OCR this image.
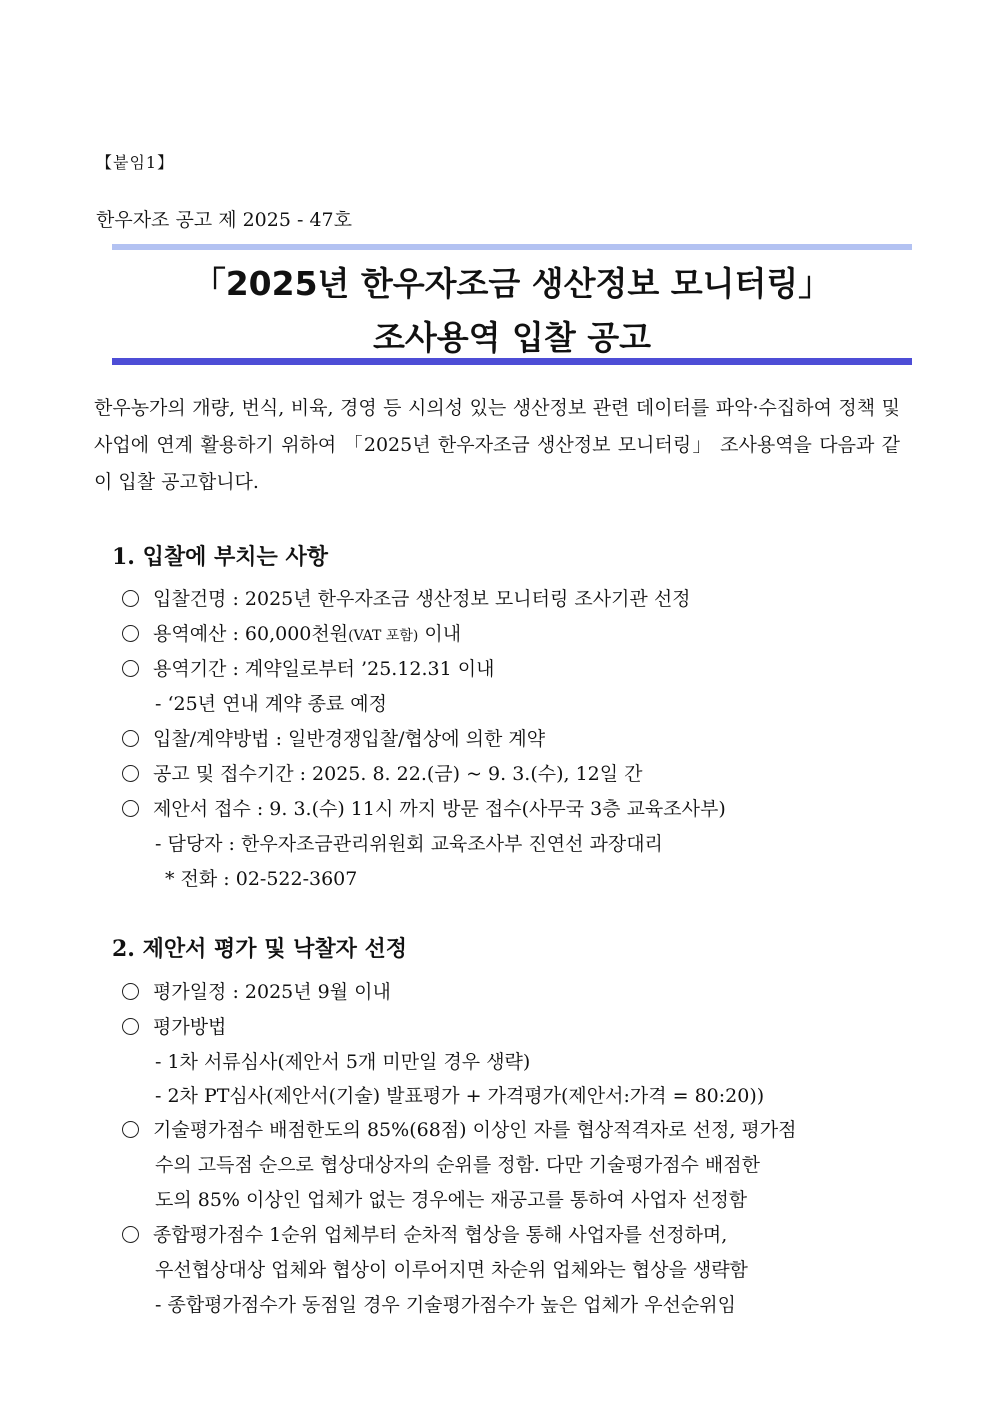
【붙임1】
한우자조 공고 제 2025 - 47호
「2025년 한우자조금 생산정보 모니터링」
조사용역 입찰 공고
한우농가의 개량, 번식, 비육, 경영 등 시의성 있는 생산정보 관련 데이터를 파악·수집하여 정책 및 사업에 연계 활용하기 위하여 「2025년 한우자조금 생산정보 모니터링」 조사용역을 다음과 같이 입찰 공고합니다.
1. 입찰에 부치는 사항
입찰건명 : 2025년 한우자조금 생산정보 모니터링 조사기관 선정
용역예산 : 60,000천원(VAT 포함) 이내
용역기간 : 계약일로부터 ’25.12.31 이내
- ‘25년 연내 계약 종료 예정
입찰/계약방법 : 일반경쟁입찰/협상에 의한 계약
공고 및 접수기간 : 2025. 8. 22.(금) ~ 9. 3.(수), 12일 간
제안서 접수 : 9. 3.(수) 11시 까지 방문 접수(사무국 3층 교육조사부)
- 담당자 : 한우자조금관리위원회 교육조사부 진연선 과장대리
* 전화 : 02-522-3607
2. 제안서 평가 및 낙찰자 선정
평가일정 : 2025년 9월 이내
평가방법
- 1차 서류심사(제안서 5개 미만일 경우 생략)
- 2차 PT심사(제안서(기술) 발표평가 + 가격평가(제안서:가격 = 80:20))
기술평가점수 배점한도의 85%(68점) 이상인 자를 협상적격자로 선정, 평가점
수의 고득점 순으로 협상대상자의 순위를 정함. 다만 기술평가점수 배점한
도의 85% 이상인 업체가 없는 경우에는 재공고를 통하여 사업자 선정함
종합평가점수 1순위 업체부터 순차적 협상을 통해 사업자를 선정하며,
우선협상대상 업체와 협상이 이루어지면 차순위 업체와는 협상을 생략함
- 종합평가점수가 동점일 경우 기술평가점수가 높은 업체가 우선순위임
